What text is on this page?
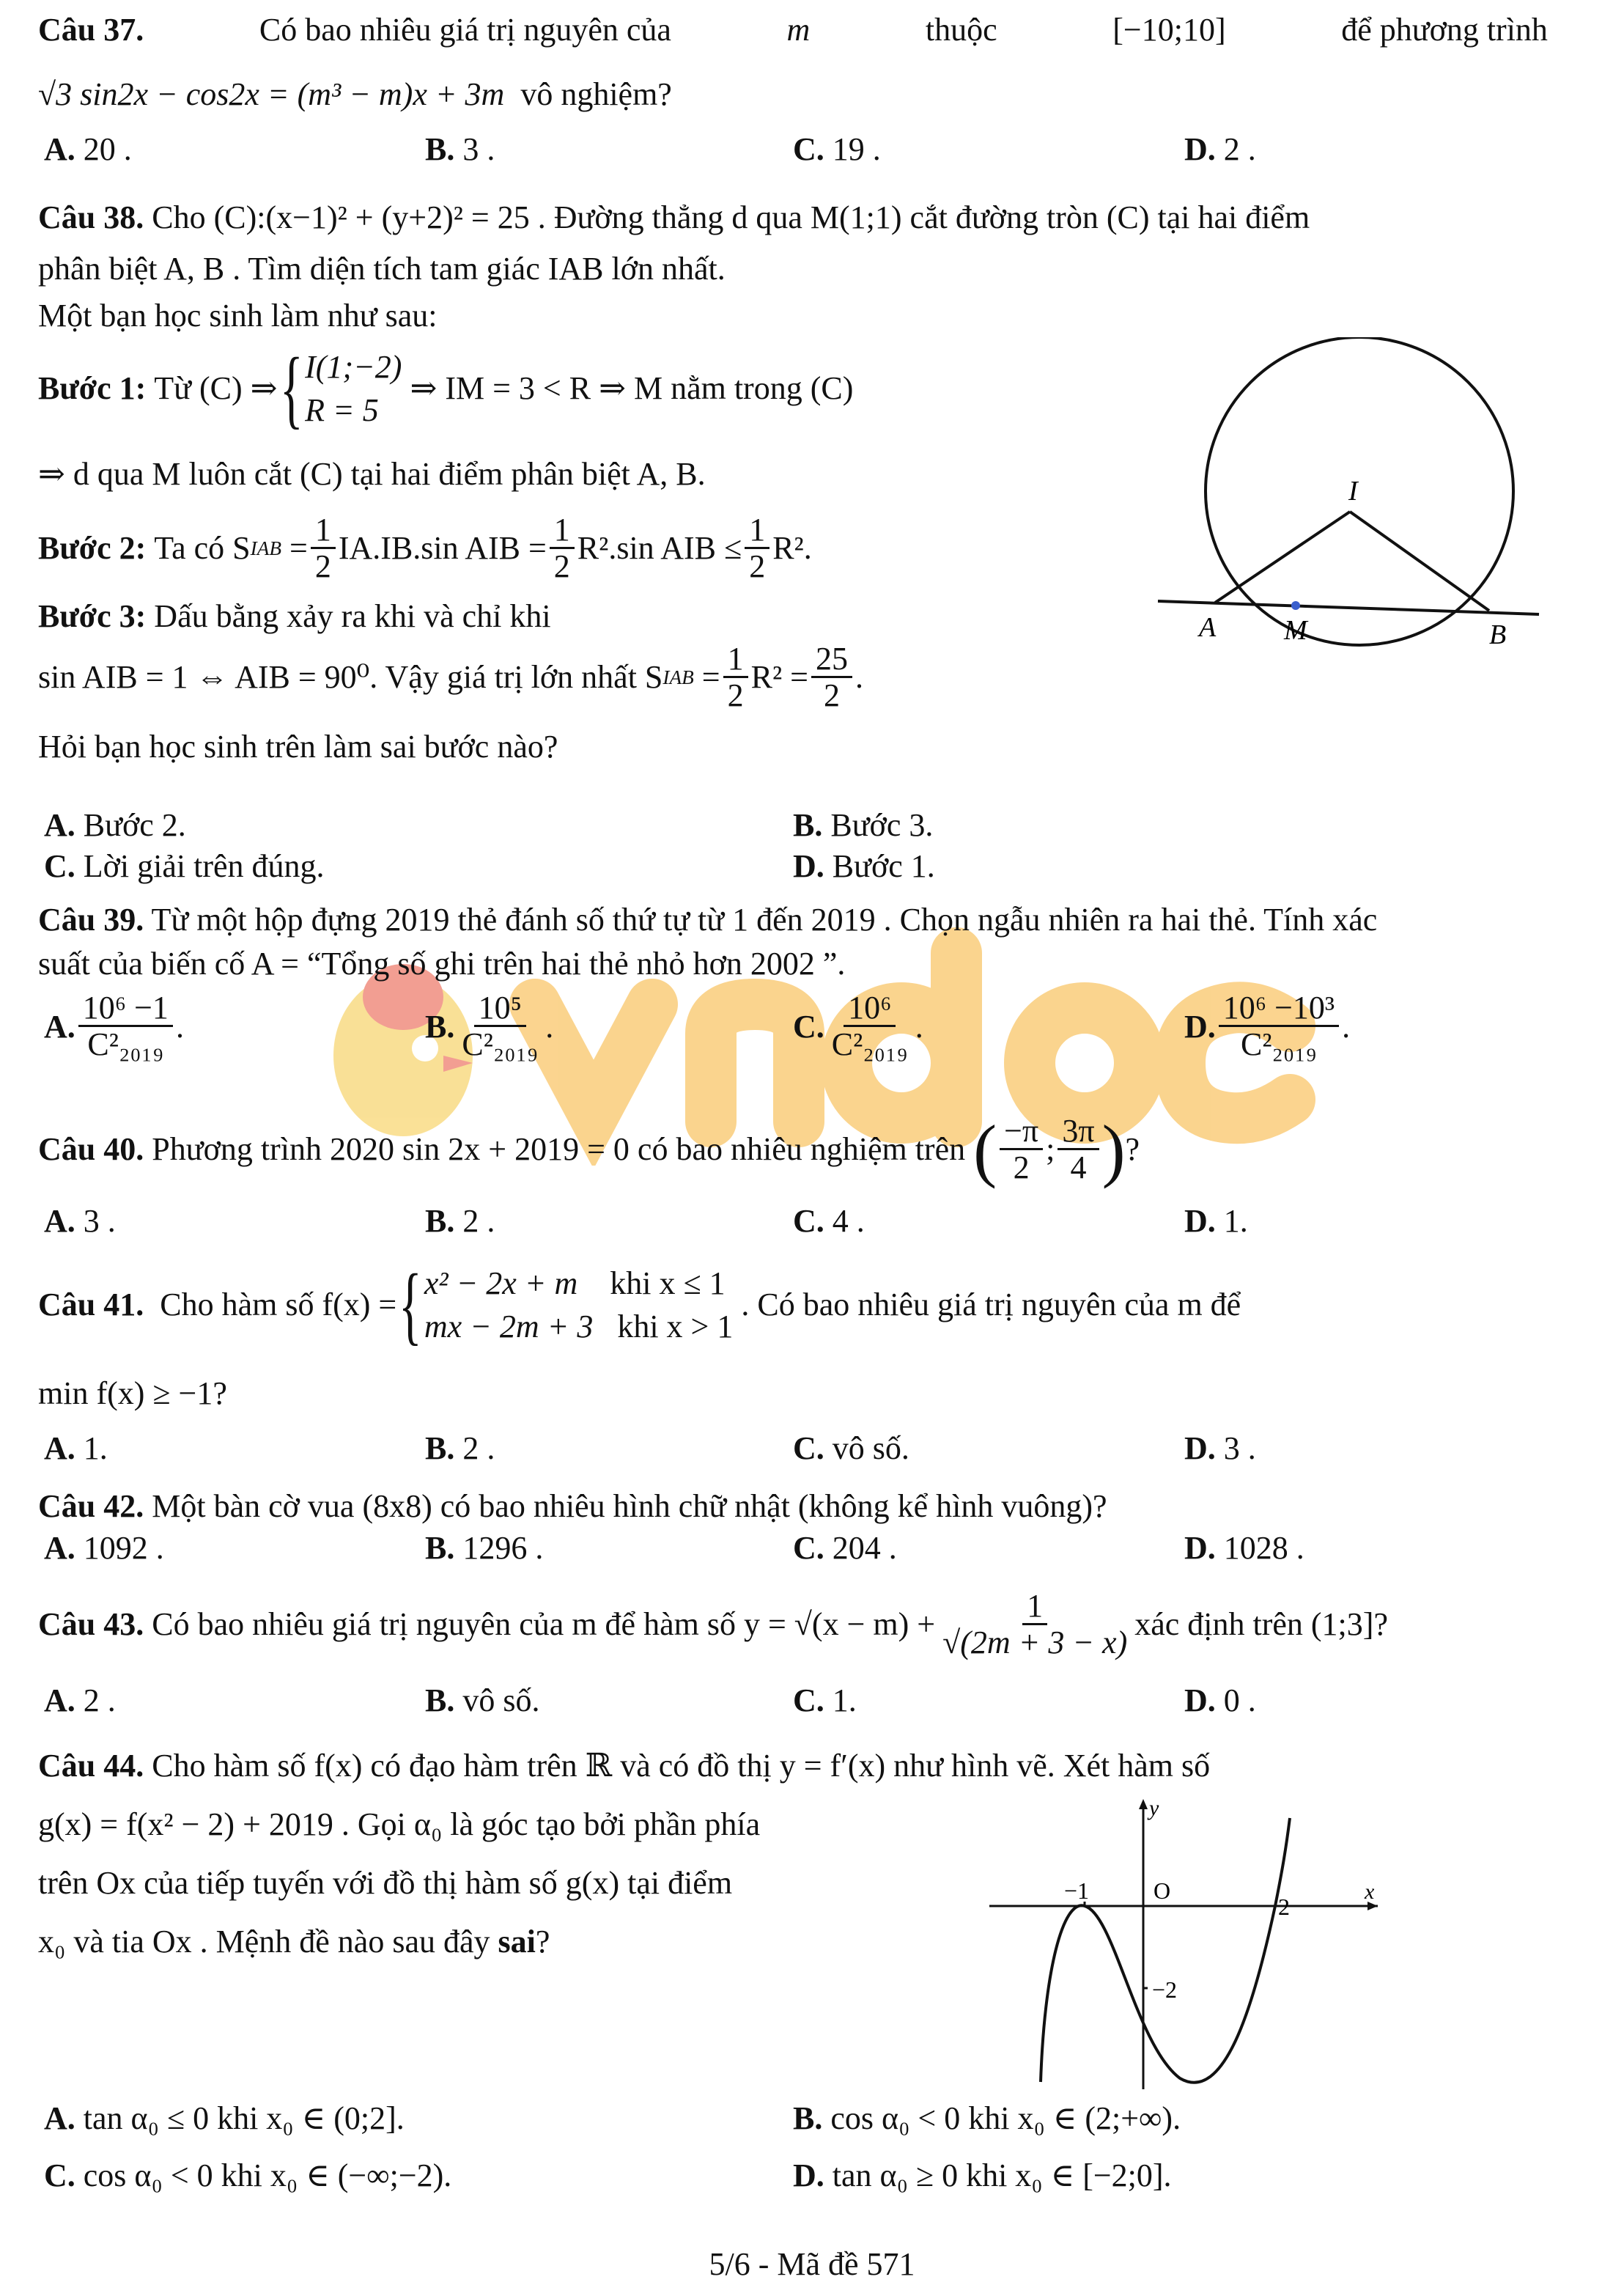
Câu 37.	Có bao nhiêu giá trị nguyên của	m	thuộc	[−10;10]	để phương trình
√3 sin2x − cos2x = (m³ − m)x + 3m vô nghiệm?
A. 20 .	B. 3 .	C. 19 .	D. 2 .
Câu 38. Cho (C):(x−1)² + (y+2)² = 25 . Đường thẳng d qua M(1;1) cắt đường tròn (C) tại hai điểm
phân biệt A, B . Tìm diện tích tam giác IAB lớn nhất.
Một bạn học sinh làm như sau:
Bước 1:
Từ (C) ⇒ { I(1;−2)
R = 5

⇒ IM = 3 < R ⇒ M nằm trong (C)
⇒ d qua M luôn cắt (C) tại hai điểm phân biệt A, B.
Bước 2:
Ta có S IAB
= $\frac{1}{2} IA.IB.\sin$ AIB = $\frac{1}{2} R^2.\sin$ AIB ≤ $\frac{1}{2} R^2$.
Bước 3: Dấu bằng xảy ra khi và chỉ khi
sin AIB = 1 ⇔ AIB = 90⁰. Vậy giá trị lớn nhất S IAB
= $\frac{1}{2} R^2 = \frac{25}{2}$ .
Hỏi bạn học sinh trên làm sai bước nào?
I
A M	B
A. Bước 2.	B. Bước 3.
C. Lời giải trên đúng.	D. Bước 1.
Câu 39. Từ một hộp đựng 2019 thẻ đánh số thứ tự từ 1 đến 2019 . Chọn ngẫu nhiên ra hai thẻ. Tính xác
suất của biến cố A = “Tổng số ghi trên hai thẻ nhỏ hơn 2002 ”.
A. $\frac{\text{10⁶ −1}}{\text{C²₂₀₁₉}}$ .	B. $\frac{\text{10⁵}}{\text{C²₂₀₁₉}}$ .	C. $\frac{\text{10⁶}}{\text{C²₂₀₁₉}}$ .	D. $\frac{\text{10⁶ −10³}}{\text{C²₂₀₁₉}}$ .
Câu 40.
Phương trình 2020 sin 2x + 2019 = 0 có bao nhiêu nghiệm trên
( $\frac{-\pi}{2}$ ; $\frac{3\pi}{4}$ ) ?
A. 3 .	B. 2 .	C. 4 .	D. 1.
Câu 41.
Cho hàm số f(x) = { x² − 2x + m khi x ≤ 1
mx − 2m + 3 khi x > 1

. Có bao nhiêu giá trị nguyên của m để
min f(x) ≥ −1?
A. 1.	B. 2 .	C. vô số.	D. 3 .
Câu 42. Một bàn cờ vua (8x8) có bao nhiêu hình chữ nhật (không kể hình vuông)?
A. 1092 .	B. 1296 .	C. 204 .	D. 1028 .
Câu 43.
Có bao nhiêu giá trị nguyên của m để hàm số $y = √(x - m) + \frac{1}{√(2m + 3 - x)}$ xác định trên (1;3]?
A. 2 .	B. vô số.	C. 1.	D. 0 .
Câu 44. Cho hàm số f(x) có đạo hàm trên ℝ và có đồ thị y = f′(x) như hình vẽ. Xét hàm số
g(x) = f(x² − 2) + 2019 . Gọi α₀ là góc tạo bởi phần phía
trên Ox của tiếp tuyến với đồ thị hàm số g(x) tại điểm
x₀ và tia Ox . Mệnh đề nào sau đây sai?
y
x
−1	O
2
−2
A. tan α₀ ≤ 0 khi x₀ ∈ (0;2].	B. cos α₀ < 0 khi x₀ ∈ (2;+∞).
C. cos α₀ < 0 khi x₀ ∈ (−∞;−2).	D. tan α₀ ≥ 0 khi x₀ ∈ [−2;0].
5/6 - Mã đề 571
